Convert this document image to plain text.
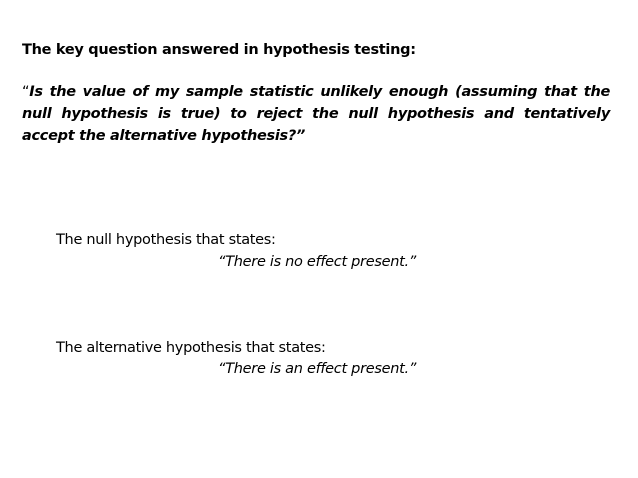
The key question answered in hypothesis testing:
“Is the value of my sample statistic unlikely enough (assuming that the null hypothesis is true) to reject the null hypothesis and tentatively accept the alternative hypothesis?”
The null hypothesis that states:
“There is no effect present.”
The alternative hypothesis that states:
“There is an effect present.”
